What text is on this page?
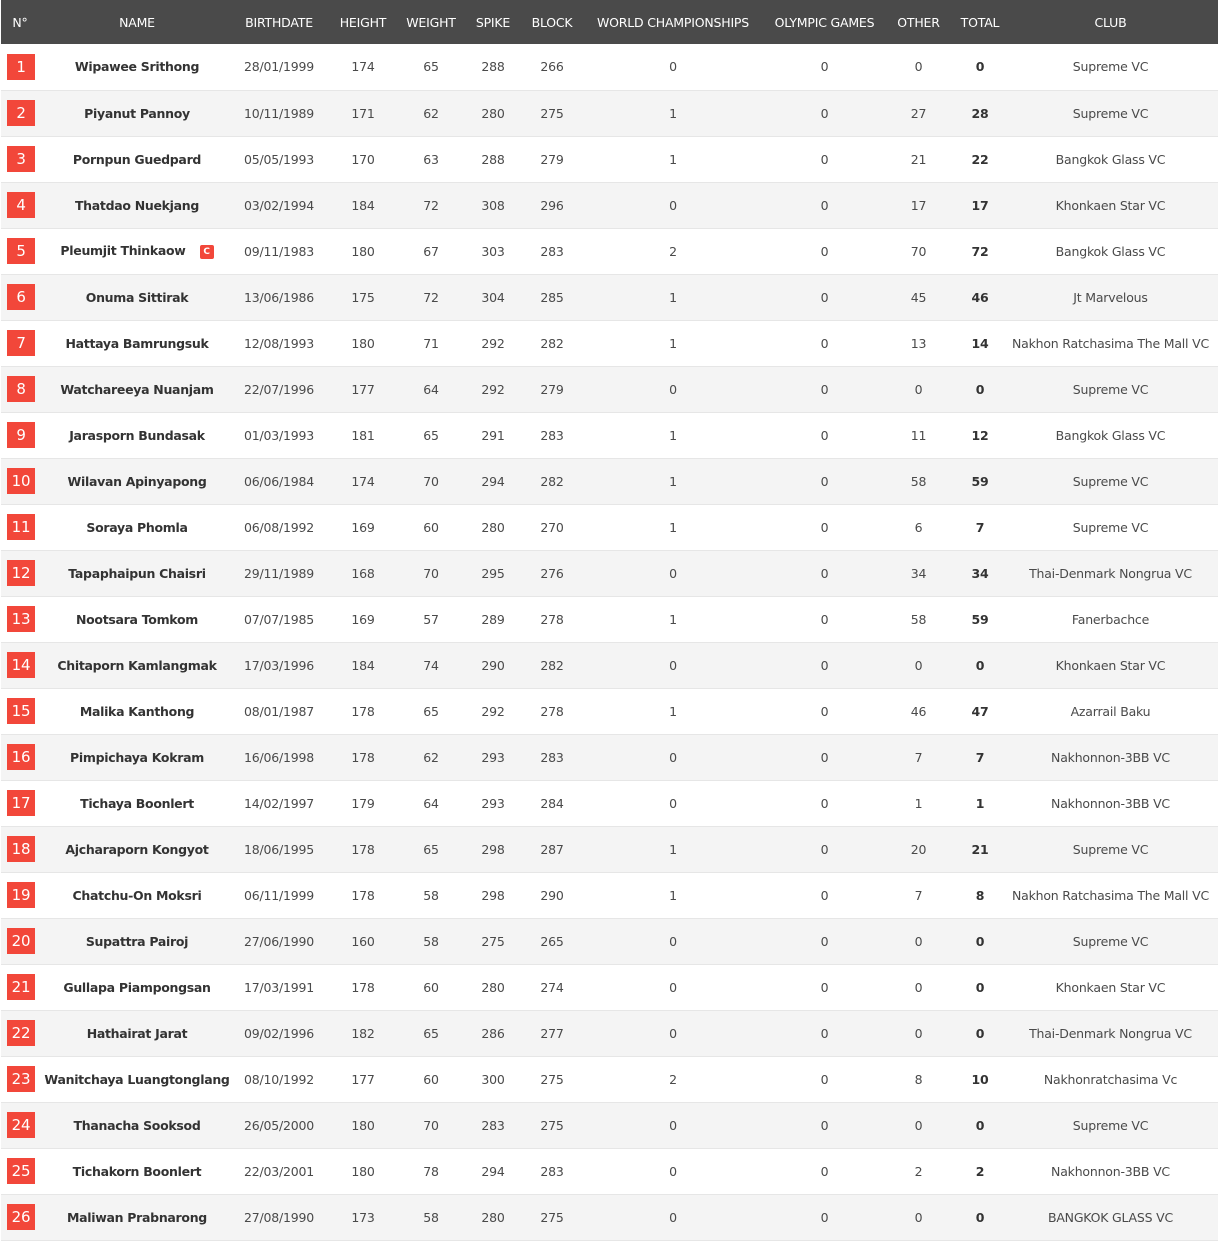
N°	NAME	BIRTHDATE	HEIGHT	WEIGHT	SPIKE	BLOCK	WORLD CHAMPIONSHIPS	OLYMPIC GAMES	OTHER	TOTAL	CLUB
1	Wipawee Srithong	28/01/1999	174	65	288	266	0	0	0	0	Supreme VC
2	Piyanut Pannoy	10/11/1989	171	62	280	275	1	0	27	28	Supreme VC
3	Pornpun Guedpard	05/05/1993	170	63	288	279	1	0	21	22	Bangkok Glass VC
4	Thatdao Nuekjang	03/02/1994	184	72	308	296	0	0	17	17	Khonkaen Star VC
5	Pleumjit Thinkaow C	09/11/1983	180	67	303	283	2	0	70	72	Bangkok Glass VC
6	Onuma Sittirak	13/06/1986	175	72	304	285	1	0	45	46	Jt Marvelous
7	Hattaya Bamrungsuk	12/08/1993	180	71	292	282	1	0	13	14	Nakhon Ratchasima The Mall VC
8	Watchareeya Nuanjam	22/07/1996	177	64	292	279	0	0	0	0	Supreme VC
9	Jarasporn Bundasak	01/03/1993	181	65	291	283	1	0	11	12	Bangkok Glass VC
10	Wilavan Apinyapong	06/06/1984	174	70	294	282	1	0	58	59	Supreme VC
11	Soraya Phomla	06/08/1992	169	60	280	270	1	0	6	7	Supreme VC
12	Tapaphaipun Chaisri	29/11/1989	168	70	295	276	0	0	34	34	Thai-Denmark Nongrua VC
13	Nootsara Tomkom	07/07/1985	169	57	289	278	1	0	58	59	Fanerbachce
14	Chitaporn Kamlangmak	17/03/1996	184	74	290	282	0	0	0	0	Khonkaen Star VC
15	Malika Kanthong	08/01/1987	178	65	292	278	1	0	46	47	Azarrail Baku
16	Pimpichaya Kokram	16/06/1998	178	62	293	283	0	0	7	7	Nakhonnon-3BB VC
17	Tichaya Boonlert	14/02/1997	179	64	293	284	0	0	1	1	Nakhonnon-3BB VC
18	Ajcharaporn Kongyot	18/06/1995	178	65	298	287	1	0	20	21	Supreme VC
19	Chatchu-On Moksri	06/11/1999	178	58	298	290	1	0	7	8	Nakhon Ratchasima The Mall VC
20	Supattra Pairoj	27/06/1990	160	58	275	265	0	0	0	0	Supreme VC
21	Gullapa Piampongsan	17/03/1991	178	60	280	274	0	0	0	0	Khonkaen Star VC
22	Hathairat Jarat	09/02/1996	182	65	286	277	0	0	0	0	Thai-Denmark Nongrua VC
23	Wanitchaya Luangtonglang	08/10/1992	177	60	300	275	2	0	8	10	Nakhonratchasima Vc
24	Thanacha Sooksod	26/05/2000	180	70	283	275	0	0	0	0	Supreme VC
25	Tichakorn Boonlert	22/03/2001	180	78	294	283	0	0	2	2	Nakhonnon-3BB VC
26	Maliwan Prabnarong	27/08/1990	173	58	280	275	0	0	0	0	BANGKOK GLASS VC
